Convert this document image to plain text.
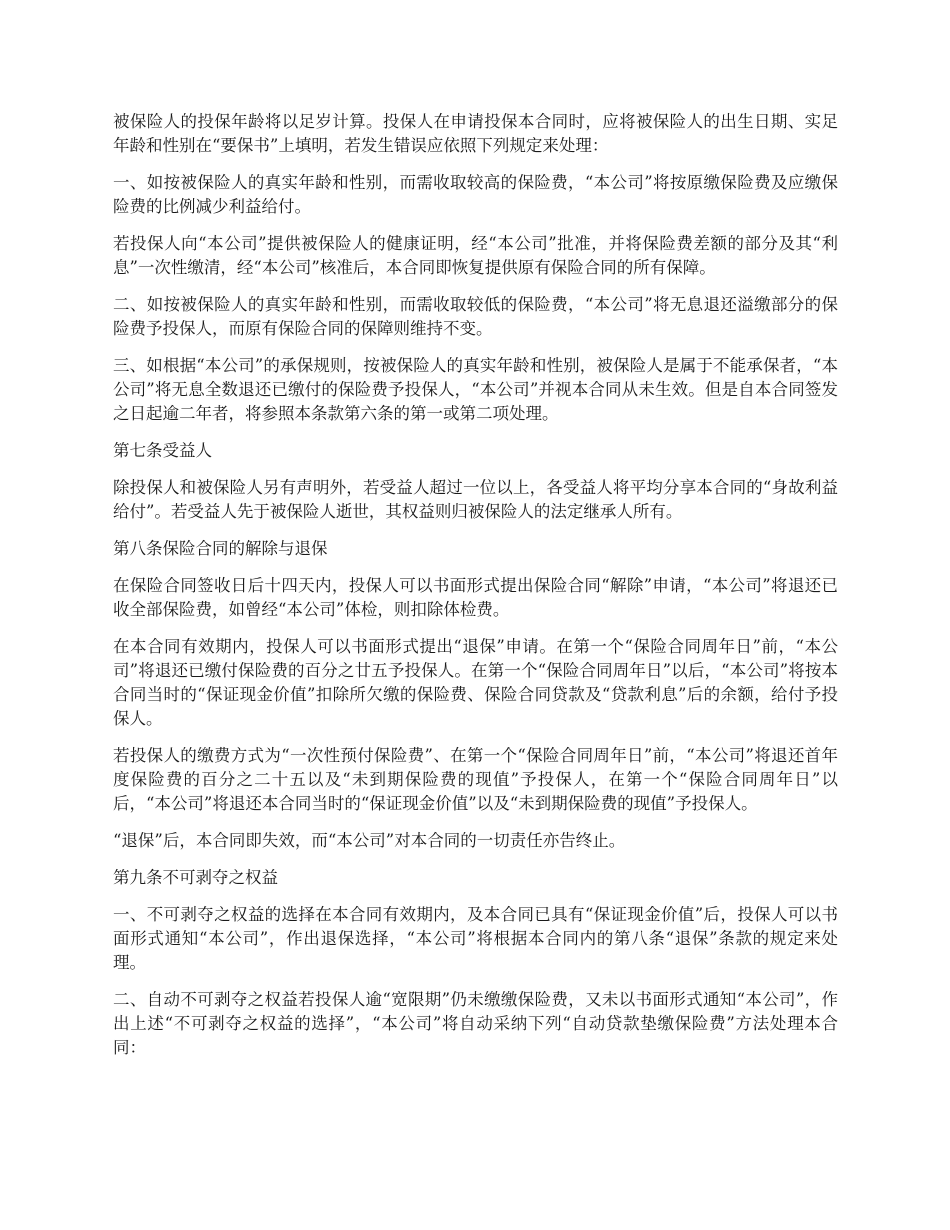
被保险人的投保年龄将以足岁计算。投保人在申请投保本合同时，应将被保险人的出生日期、实足年龄和性别在“要保书”上填明，若发生错误应依照下列规定来处理：

一、如按被保险人的真实年龄和性别，而需收取较高的保险费，“本公司”将按原缴保险费及应缴保险费的比例减少利益给付。

若投保人向“本公司”提供被保险人的健康证明，经“本公司”批准，并将保险费差额的部分及其“利息”一次性缴清，经“本公司”核准后，本合同即恢复提供原有保险合同的所有保障。

二、如按被保险人的真实年龄和性别，而需收取较低的保险费，“本公司”将无息退还溢缴部分的保险费予投保人，而原有保险合同的保障则维持不变。

三、如根据“本公司”的承保规则，按被保险人的真实年龄和性别，被保险人是属于不能承保者，“本公司”将无息全数退还已缴付的保险费予投保人，“本公司”并视本合同从未生效。但是自本合同签发之日起逾二年者，将参照本条款第六条的第一或第二项处理。

第七条受益人

除投保人和被保险人另有声明外，若受益人超过一位以上，各受益人将平均分享本合同的“身故利益给付”。若受益人先于被保险人逝世，其权益则归被保险人的法定继承人所有。

第八条保险合同的解除与退保

在保险合同签收日后十四天内，投保人可以书面形式提出保险合同“解除”申请，“本公司”将退还已收全部保险费，如曾经“本公司”体检，则扣除体检费。

在本合同有效期内，投保人可以书面形式提出“退保”申请。在第一个“保险合同周年日”前，“本公司”将退还已缴付保险费的百分之廿五予投保人。在第一个“保险合同周年日”以后，“本公司”将按本合同当时的“保证现金价值”扣除所欠缴的保险费、保险合同贷款及“贷款利息”后的余额，给付予投保人。

若投保人的缴费方式为“一次性预付保险费”、在第一个“保险合同周年日”前，“本公司”将退还首年度保险费的百分之二十五以及“未到期保险费的现值”予投保人，在第一个“保险合同周年日”以后，“本公司”将退还本合同当时的“保证现金价值”以及“未到期保险费的现值”予投保人。

“退保”后，本合同即失效，而“本公司”对本合同的一切责任亦告终止。

第九条不可剥夺之权益

一、不可剥夺之权益的选择在本合同有效期内，及本合同已具有“保证现金价值”后，投保人可以书面形式通知“本公司”，作出退保选择，“本公司”将根据本合同内的第八条“退保”条款的规定来处理。

二、自动不可剥夺之权益若投保人逾“宽限期”仍未缴缴保险费，又未以书面形式通知“本公司”，作出上述“不可剥夺之权益的选择”，“本公司”将自动采纳下列“自动贷款垫缴保险费”方法处理本合同：
